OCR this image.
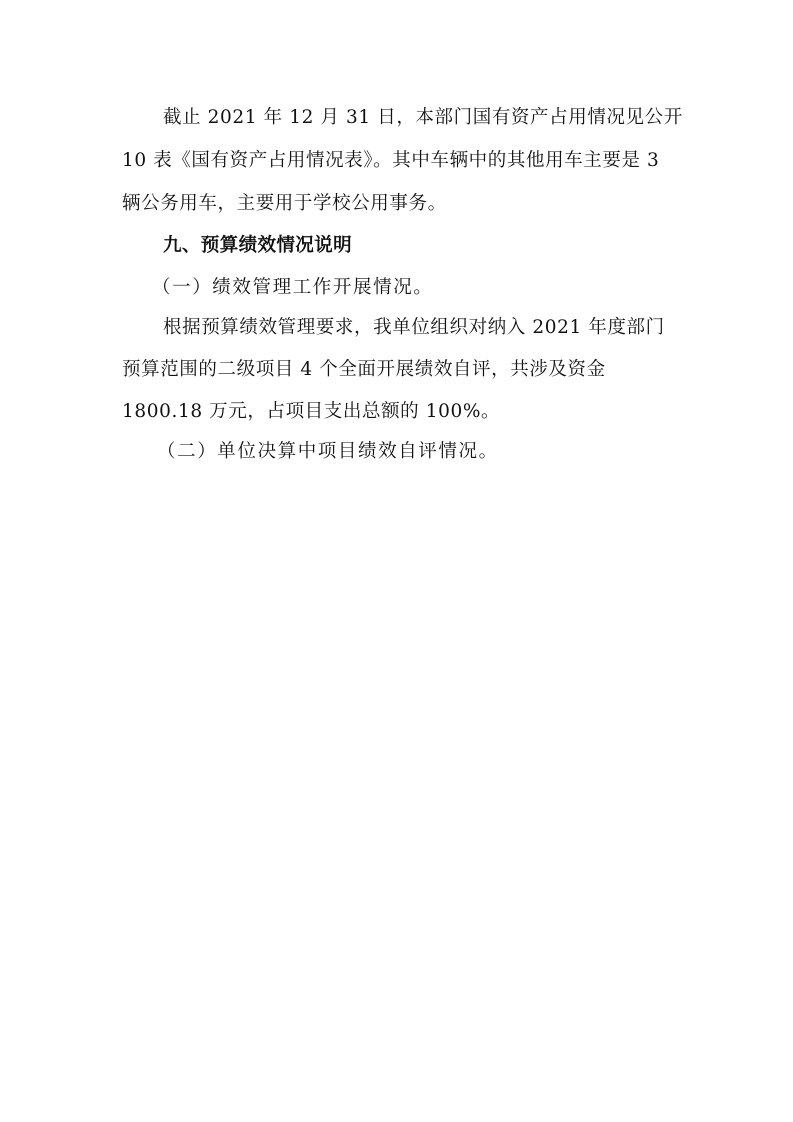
截止 2021 年 12 月 31 日，本部门国有资产占用情况见公开
10 表《国有资产占用情况表》。其中车辆中的其他用车主要是 3
辆公务用车，主要用于学校公用事务。
九、预算绩效情况说明
（一）绩效管理工作开展情况。
根据预算绩效管理要求，我单位组织对纳入 2021 年度部门
预算范围的二级项目 4 个全面开展绩效自评，共涉及资金
1800.18 万元，占项目支出总额的 100%。
（二）单位决算中项目绩效自评情况。
